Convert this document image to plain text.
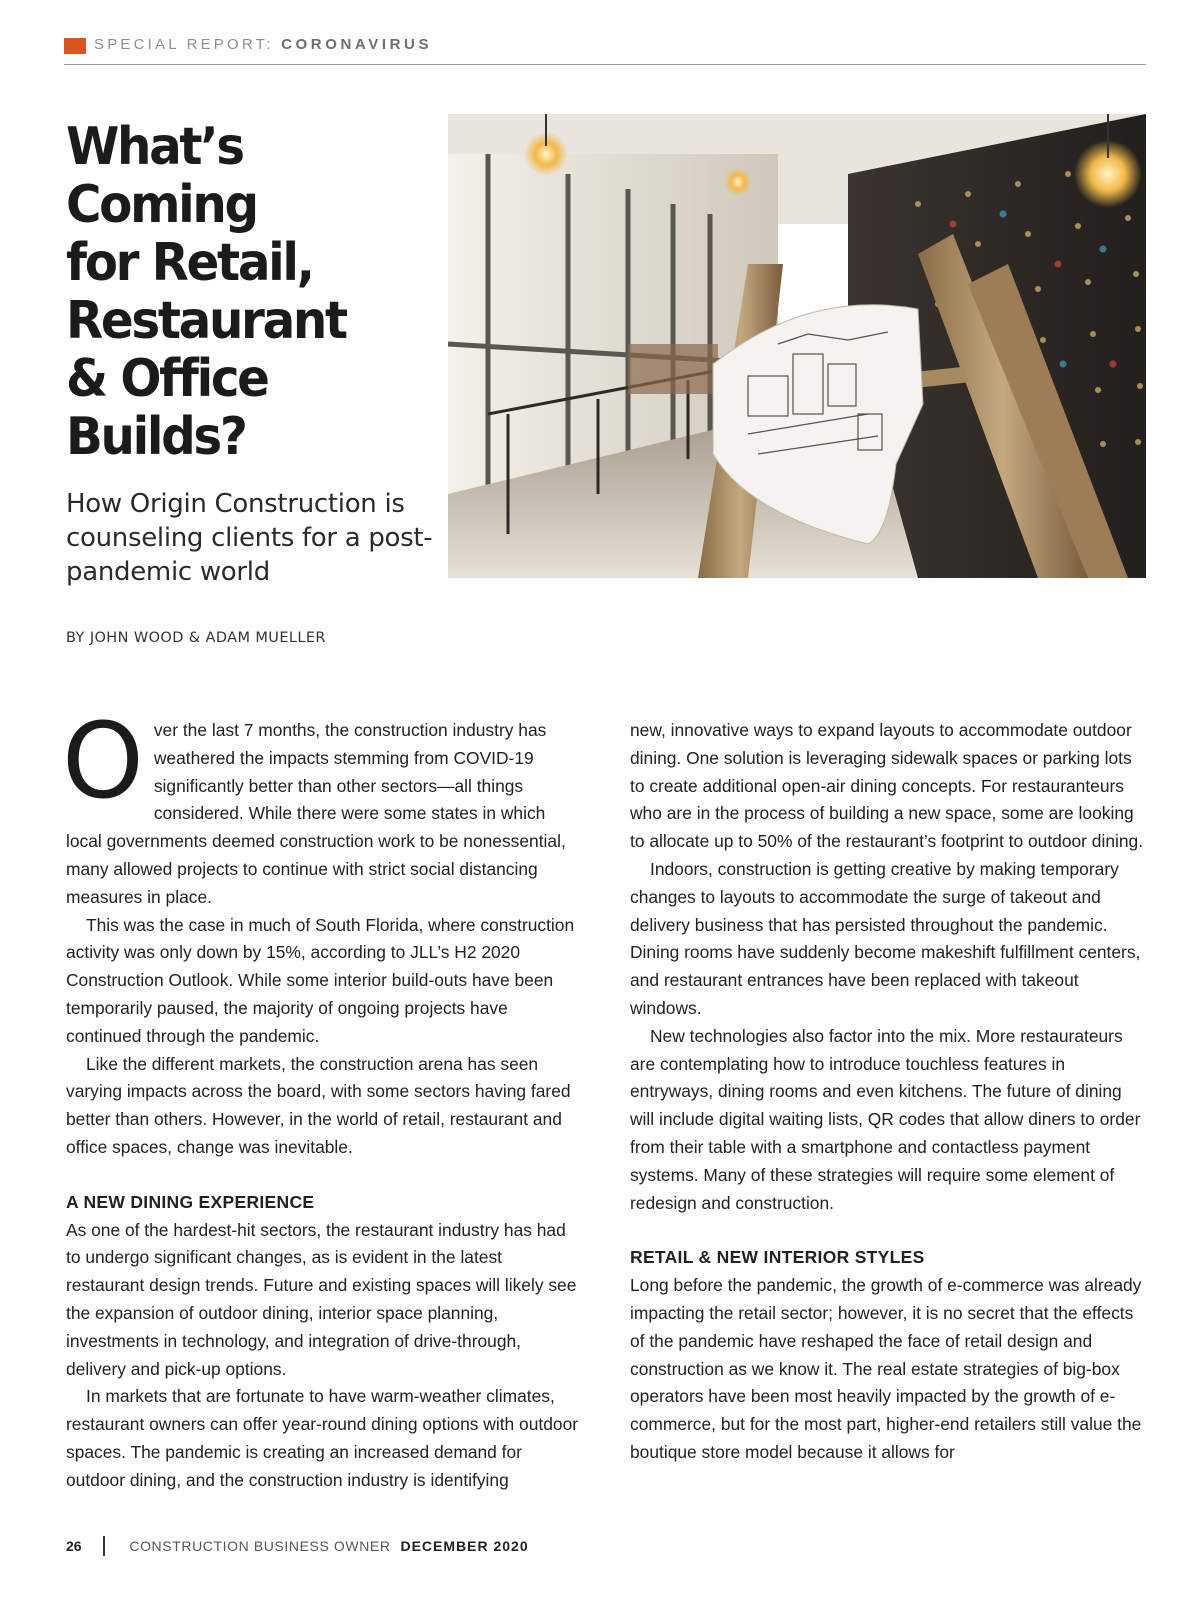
SPECIAL REPORT: CORONAVIRUS
What’s
Coming
for Retail,
Restaurant
& Office
Builds?
How Origin Construction is counseling clients for a post-pandemic world
BY JOHN WOOD & ADAM MUELLER

Over the last 7 months, the construction industry has weathered the impacts stemming from COVID-19 significantly better than other sectors—all things considered. While there were some states in which local governments deemed construction work to be nonessential, many allowed projects to continue with strict social distancing measures in place.

This was the case in much of South Florida, where construction activity was only down by 15%, according to JLL’s H2 2020 Construction Outlook. While some interior build-outs have been temporarily paused, the majority of ongoing projects have continued through the pandemic.

Like the different markets, the construction arena has seen varying impacts across the board, with some sectors having fared better than others. However, in the world of retail, restaurant and office spaces, change was inevitable.

A NEW DINING EXPERIENCE

As one of the hardest-hit sectors, the restaurant industry has had to undergo significant changes, as is evident in the latest restaurant design trends. Future and existing spaces will likely see the expansion of outdoor dining, interior space planning, investments in technology, and integration of drive-through, delivery and pick-up options.

In markets that are fortunate to have warm-weather climates, restaurant owners can offer year-round dining options with outdoor spaces. The pandemic is creating an increased demand for outdoor dining, and the construction industry is identifying

new, innovative ways to expand layouts to accommodate outdoor dining. One solution is leveraging sidewalk spaces or parking lots to create additional open-air dining concepts. For restauranteurs who are in the process of building a new space, some are looking to allocate up to 50% of the restaurant’s footprint to outdoor dining.

Indoors, construction is getting creative by making temporary changes to layouts to accommodate the surge of takeout and delivery business that has persisted throughout the pandemic. Dining rooms have suddenly become makeshift fulfillment centers, and restaurant entrances have been replaced with takeout windows.

New technologies also factor into the mix. More restaurateurs are contemplating how to introduce touchless features in entryways, dining rooms and even kitchens. The future of dining will include digital waiting lists, QR codes that allow diners to order from their table with a smartphone and contactless payment systems. Many of these strategies will require some element of redesign and construction.

RETAIL & NEW INTERIOR STYLES

Long before the pandemic, the growth of e-commerce was already impacting the retail sector; however, it is no secret that the effects of the pandemic have reshaped the face of retail design and construction as we know it. The real estate strategies of big-box operators have been most heavily impacted by the growth of e-commerce, but for the most part, higher-end retailers still value the boutique store model because it allows for

26	CONSTRUCTION BUSINESS OWNER DECEMBER 2020
